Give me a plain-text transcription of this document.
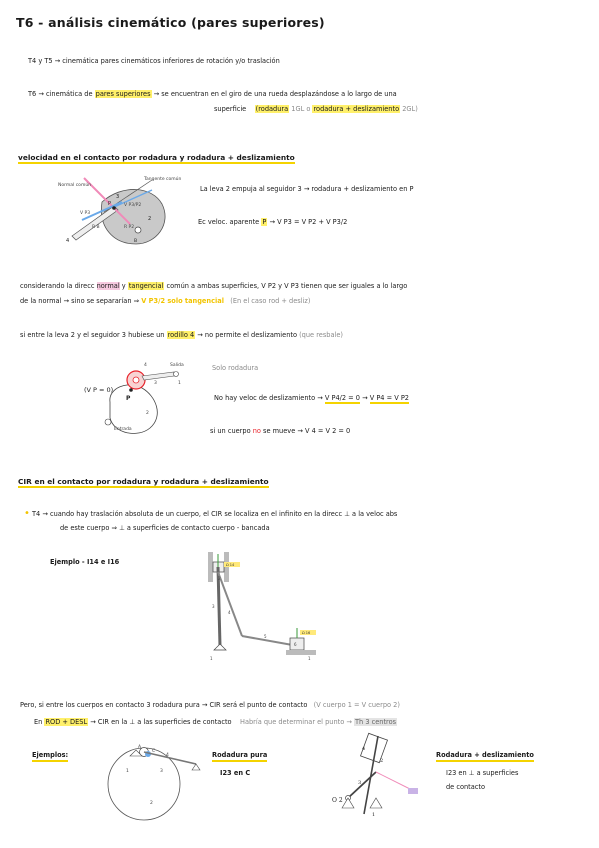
T6 - análisis cinemático (pares superiores)
T4 y T5 → cinemática pares cinemáticos inferiores de rotación y/o traslación
T6 → cinemática de pares superiores → se encuentran en el giro de una rueda desplazándose a lo largo de una
superficie (rodadura 1GL o rodadura + deslizamiento 2GL)
velocidad en el contacto por rodadura y rodadura + deslizamiento
Normal común
Tangente común
V P3/P2
V P3
R B	R P2
P
2
3
4	B
La leva 2 empuja al seguidor 3 → rodadura + deslizamiento en P
Ec veloc. aparente P → V P3 = V P2 + V P3/2
considerando la direcc normal y tangencial común a ambas superficies, V P2 y V P3 tienen que ser iguales a lo largo
de la normal → sino se separarían ⇒ V P3/2 solo tangencial (En el caso rod + desliz)
si entre la leva 2 y el seguidor 3 hubiese un rodillo 4 → no permite el deslizamiento (que resbale)
(V P = 0)
P
Salida
Entrada
4
3
2
1
Solo rodadura
No hay veloc de deslizamiento → V P4/2 = 0 → V P4 = V P2
si un cuerpo no se mueve → V 4 = V 2 = 0
CIR en el contacto por rodadura y rodadura + deslizamiento
• T4 → cuando hay traslación absoluta de un cuerpo, el CIR se localiza en el infinito en la direcc ⊥ a la veloc abs
de este cuerpo ⇒ ⊥ a superficies de contacto cuerpo - bancada
Ejemplo - I14 e I16	Ω 14
Ω 16
1
3
4
5
6
2
1
Pero, si entre los cuerpos en contacto 3 rodadura pura → CIR será el punto de contacto (V cuerpo 1 = V cuerpo 2)
En ROD + DESL → CIR en la ⊥ a las superficies de contacto Habría que determinar el punto → Th 3 centros
Ejemplos:	C
A
4
1
2
3
Rodadura pura
I23 en C
O 2
2
3
4
1
Rodadura + deslizamiento
I23 en ⊥ a superficies
de contacto
